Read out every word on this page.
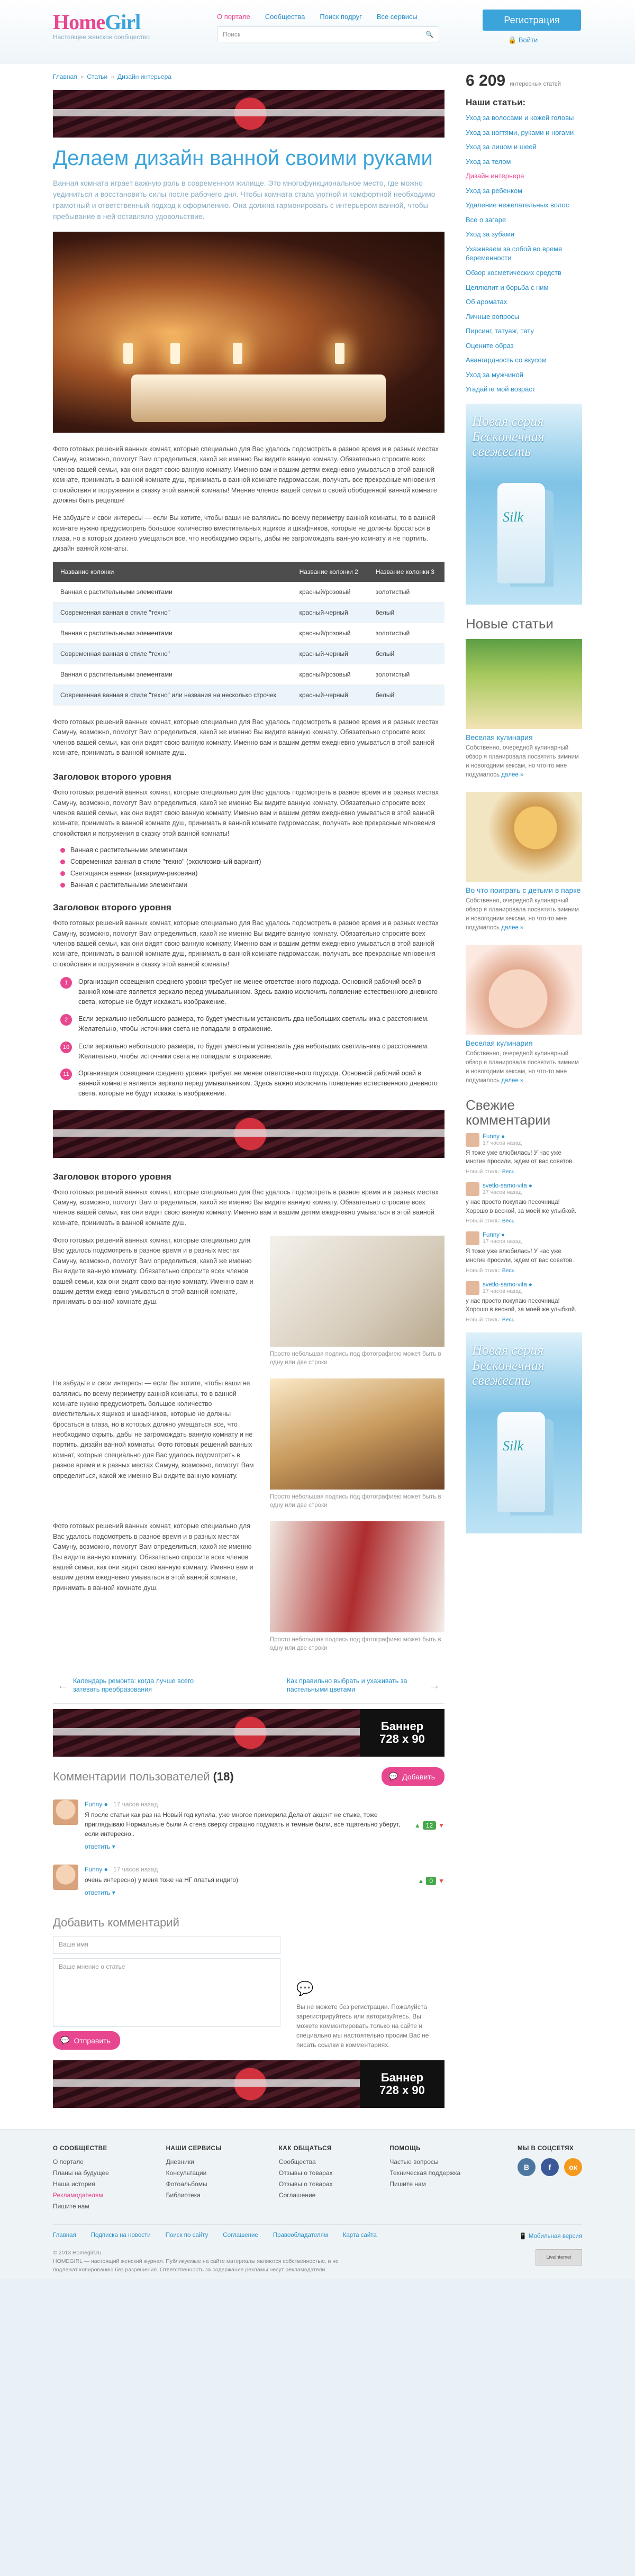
HomeGirl
Настоящее женское сообщество
О портале Сообщества Поиск подруг Все сервисы
Поиск	🔍
Регистрация
🔒 Войти
Главная » Статьи » Дизайн интерьера
Делаем дизайн ванной своими руками

Ванная комната играет важную роль в современном жилище. Это многофункциональное место, где можно уединиться и восстановить силы после рабочего дня. Чтобы комната стала уютной и комфортной необходимо грамотный и ответственный подход к оформлению. Она должна гармонировать с интерьером ванной, чтобы пребывание в ней оставляло удовольствие.

Фото готовых решений ванных комнат, которые специально для Вас удалось подсмотреть в разное время и в разных местах Самуну, возможно, помогут Вам определиться, какой же именно Вы видите ванную комнату. Обязательно спросите всех членов вашей семьи, как они видят свою ванную комнату. Именно вам и вашим детям ежедневно умываться в этой ванной комнате, принимать в ванной комнате душ, принимать в ванной комнате гидромассаж, получать все прекрасные мгновения спокойствия и погружения в сказку этой ванной комнаты! Мнение членов вашей семьи о своей обобщенной ванной комнате должны быть рецепшн!

Не забудьте и свои интересы — если Вы хотите, чтобы ваши не валялись по всему периметру ванной комнаты, то в ванной комнате нужно предусмотреть большое количество вместительных ящиков и шкафчиков, которые не должны бросаться в глаза, но в которых должно умещаться все, что необходимо скрыть, дабы не загромождать ванную комнату и не портить. дизайн ванной комнаты.

Название колонки	Название колонки 2	Название колонки 3
Ванная с растительными элементами	красный/розовый	золотистый
Современная ванная в стиле "техно"	красный-черный	белый
Ванная с растительными элементами	красный/розовый	золотистый
Современная ванная в стиле "техно"	красный-черный	белый
Ванная с растительными элементами	красный/розовый	золотистый
Современная ванная в стиле "техно" или названия на несколько строчек	красный-черный	белый

Фото готовых решений ванных комнат, которые специально для Вас удалось подсмотреть в разное время и в разных местах Самуну, возможно, помогут Вам определиться, какой же именно Вы видите ванную комнату. Обязательно спросите всех членов вашей семьи, как они видят свою ванную комнату. Именно вам и вашим детям ежедневно умываться в этой ванной комнате, принимать в ванной комнате душ.

Заголовок второго уровня

Фото готовых решений ванных комнат, которые специально для Вас удалось подсмотреть в разное время и в разных местах Самуну, возможно, помогут Вам определиться, какой же именно Вы видите ванную комнату. Обязательно спросите всех членов вашей семьи, как они видят свою ванную комнату. Именно вам и вашим детям ежедневно умываться в этой ванной комнате, принимать в ванной комнате душ, принимать в ванной комнате гидромассаж, получать все прекрасные мгновения спокойствия и погружения в сказку этой ванной комнаты!

Ванная с растительными элементами
Современная ванная в стиле "техно" (эксклюзивный вариант)
Светящаяся ванная (аквариум-раковина)
Ванная с растительными элементами
Заголовок второго уровня

Фото готовых решений ванных комнат, которые специально для Вас удалось подсмотреть в разное время и в разных местах Самуну, возможно, помогут Вам определиться, какой же именно Вы видите ванную комнату. Обязательно спросите всех членов вашей семьи, как они видят свою ванную комнату. Именно вам и вашим детям ежедневно умываться в этой ванной комнате, принимать в ванной комнате душ, принимать в ванной комнате гидромассаж, получать все прекрасные мгновения спокойствия и погружения в сказку этой ванной комнаты!

1	Организация освещения среднего уровня требует не менее ответственного подхода. Основной рабочий осей в ванной комнате является зеркало перед умывальником. Здесь важно исключить появление естественного дневного света, которые не будут искажать изображение.
2	Если зеркально небольшого размера, то будет уместным установить два небольших светильника с расстоянием. Желательно, чтобы источники света не попадали в отражение.
10	Если зеркально небольшого размера, то будет уместным установить два небольших светильника с расстоянием. Желательно, чтобы источники света не попадали в отражение.
11	Организация освещения среднего уровня требует не менее ответственного подхода. Основной рабочий осей в ванной комнате является зеркало перед умывальником. Здесь важно исключить появление естественного дневного света, которые не будут искажать изображение.
Заголовок второго уровня

Фото готовых решений ванных комнат, которые специально для Вас удалось подсмотреть в разное время и в разных местах Самуну, возможно, помогут Вам определиться, какой же именно Вы видите ванную комнату. Обязательно спросите всех членов вашей семьи, как они видят свою ванную комнату. Именно вам и вашим детям ежедневно умываться в этой ванной комнате, принимать в ванной комнате душ.

Фото готовых решений ванных комнат, которые специально для Вас удалось подсмотреть в разное время и в разных местах Самуну, возможно, помогут Вам определиться, какой же именно Вы видите ванную комнату. Обязательно спросите всех членов вашей семьи, как они видят свою ванную комнату. Именно вам и вашим детям ежедневно умываться в этой ванной комнате, принимать в ванной комнате душ.
Просто небольшая подпись под фотографиею может быть в одну или две строки
Не забудьте и свои интересы — если Вы хотите, чтобы ваши не валялись по всему периметру ванной комнаты, то в ванной комнате нужно предусмотреть большое количество вместительных ящиков и шкафчиков, которые не должны бросаться в глаза, но в которых должно умещаться все, что необходимо скрыть, дабы не загромождать ванную комнату и не портить. дизайн ванной комнаты. Фото готовых решений ванных комнат, которые специально для Вас удалось подсмотреть в разное время и в разных местах Самуну, возможно, помогут Вам определиться, какой же именно Вы видите ванную комнату.
Просто небольшая подпись под фотографиею может быть в одну или две строки
Фото готовых решений ванных комнат, которые специально для Вас удалось подсмотреть в разное время и в разных местах Самуну, возможно, помогут Вам определиться, какой же именно Вы видите ванную комнату. Обязательно спросите всех членов вашей семьи, как они видят свою ванную комнату. Именно вам и вашим детям ежедневно умываться в этой ванной комнате, принимать в ванной комнате душ.
Просто небольшая подпись под фотографиею может быть в одну или две строки
← Календарь ремонта: когда лучше всего затевать преобразования
Как правильно выбрать и ухаживать за пастельными цветами	→
Баннер
728 x 90
Комментарии пользователей (18)	💬 Добавить
Funny ● 17 часов назад
Я после статьи как раз на Новый год купила, уже многое примерила Делают акцент не стыке, тоже приглядываю Нормальные были А стена сверху страшно подумать и темные были, все тщательно уберут, если интересно..
ответить ▾
▲ 12 ▼
Funny ● 17 часов назад
очень интересно) у меня тоже на НГ платья индиго)
ответить ▾
▲ 0 ▼
Добавить комментарий
Ваше имя
Ваше мнение о статье
💬 Отправить
💬
Вы не можете без регистрации. Пожалуйста зарегистрируйтесь или авторизуйтесь. Вы можете комментировать только на сайте и специально мы настоятельно просим Вас не писать ссылки в комментариях.
Баннер
728 x 90
6 209 интересных статей
Наши статьи:
Уход за волосами и кожей головы
Уход за ногтями, руками и ногами
Уход за лицом и шеей
Уход за телом
Дизайн интерьера
Уход за ребенком
Удаление нежелательных волос
Все о загаре
Уход за зубами
Ухаживаем за собой во время беременности
Обзор косметических средств
Целлюлит и борьба с ним
Об ароматах
Личные вопросы
Пирсинг, татуаж, тату
Оцените образ
Авангардность со вкусом
Уход за мужчиной
Угадайте мой возраст
Новая серия Бесконечная свежесть
Silk
Новые статьи
Веселая кулинария
Собственно, очередной кулинарный обзор я планировала посвятить зимним и новогодним кексам, но что-то мне подумалось далее »
Во что поиграть с детьми в парке
Собственно, очередной кулинарный обзор я планировала посвятить зимним и новогодним кексам, но что-то мне подумалось далее »
Веселая кулинария
Собственно, очередной кулинарный обзор я планировала посвятить зимним и новогодним кексам, но что-то мне подумалось далее »
Свежие комментарии
Funny ●
17 часов назад
Я тоже уже влюбилась! У нас уже многие просили, ждем от вас советов.
Новый стиль: Весь
svetlo-samo-vita ●
17 часов назад
у нас просто покупаю песочница!Хорошо в весной, за моей же улыбкой.
Новый стиль: Весь
Funny ●
17 часов назад
Я тоже уже влюбилась! У нас уже многие просили, ждем от вас советов.
Новый стиль: Весь
svetlo-samo-vita ●
17 часов назад
у нас просто покупаю песочница! Хорошо в весной, за моей же улыбкой.
Новый стиль: Весь
Новая серия Бесконечная свежесть
Silk
О СООБЩЕСТВЕ
О портале
Планы на будущее
Наша история
Рекламодателям
Пишите нам
НАШИ СЕРВИСЫ
Дневники
Консультации
Фотоальбомы
Библиотека
КАК ОБЩАТЬСЯ
Сообщества
Отзывы о товарах
Отзывы о товарах
Соглашение
ПОМОЩЬ
Частые вопросы
Техническая поддержка
Пишите нам
МЫ В СОЦСЕТЯХ
В	f	ок
Главная Подписка на новости Поиск по сайту Соглашение Правообладателям Карта сайта	📱 Мобильная версия
© 2013 Homegirl.ru
HOMEGIRL — настоящий женский журнал. Публикуемые на сайте материалы являются собственностью, и не подлежат копированию без разрешения. Ответственность за содержание рекламы несут рекламодатели.
LiveInternet
